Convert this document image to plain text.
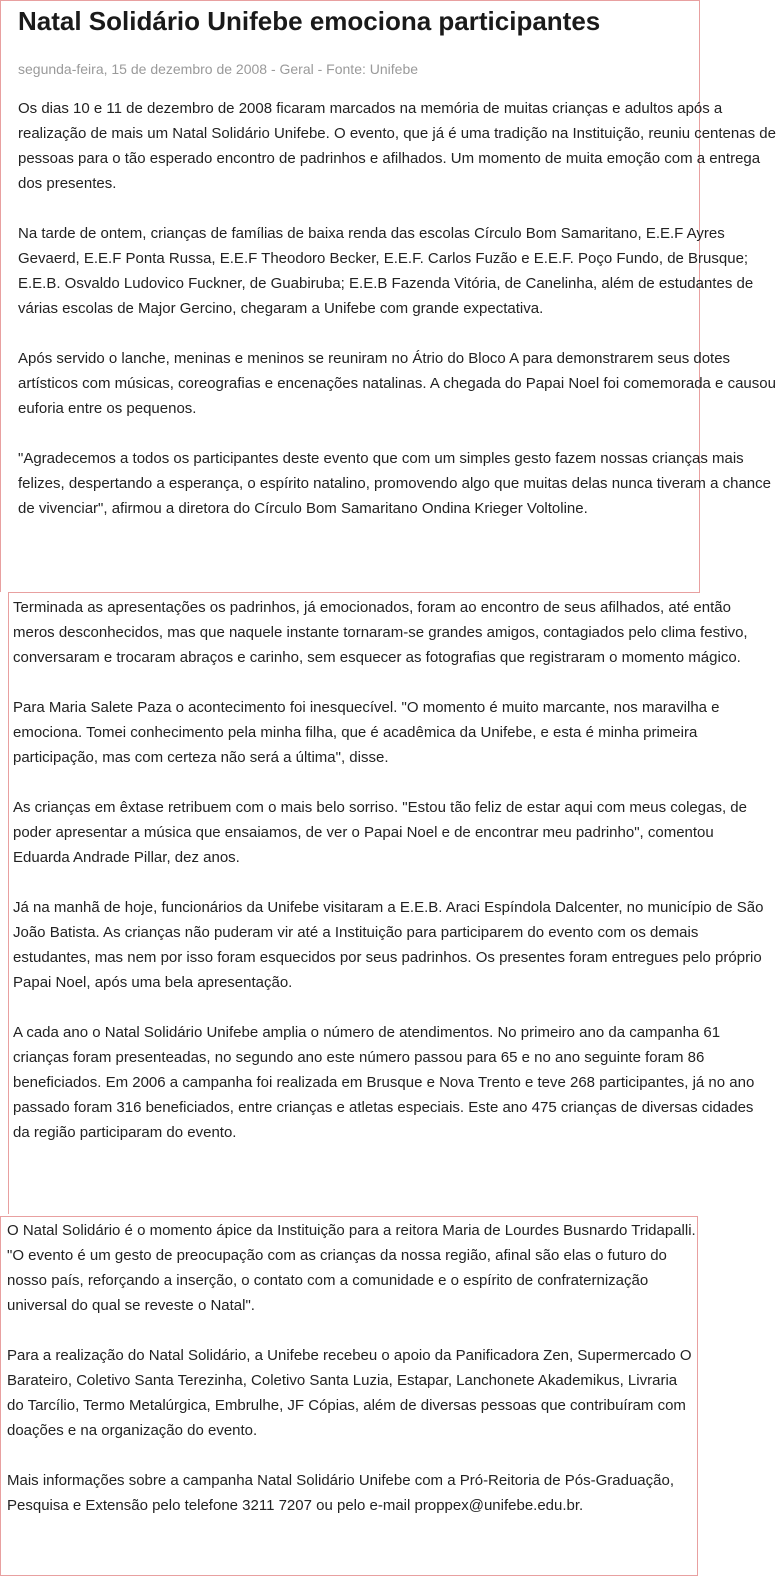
Natal Solidário Unifebe emociona participantes
segunda-feira, 15 de dezembro de 2008 - Geral - Fonte: Unifebe

Os dias 10 e 11 de dezembro de 2008 ficaram marcados na memória de muitas crianças e adultos após a realização de mais um Natal Solidário Unifebe. O evento, que já é uma tradição na Instituição, reuniu centenas de pessoas para o tão esperado encontro de padrinhos e afilhados. Um momento de muita emoção com a entrega dos presentes.

Na tarde de ontem, crianças de famílias de baixa renda das escolas Círculo Bom Samaritano, E.E.F Ayres Gevaerd, E.E.F Ponta Russa, E.E.F Theodoro Becker, E.E.F. Carlos Fuzão e E.E.F. Poço Fundo, de Brusque; E.E.B. Osvaldo Ludovico Fuckner, de Guabiruba; E.E.B Fazenda Vitória, de Canelinha, além de estudantes de várias escolas de Major Gercino, chegaram a Unifebe com grande expectativa.

Após servido o lanche, meninas e meninos se reuniram no Átrio do Bloco A para demonstrarem seus dotes artísticos com músicas, coreografias e encenações natalinas. A chegada do Papai Noel foi comemorada e causou euforia entre os pequenos.

"Agradecemos a todos os participantes deste evento que com um simples gesto fazem nossas crianças mais felizes, despertando a esperança, o espírito natalino, promovendo algo que muitas delas nunca tiveram a chance de vivenciar", afirmou a diretora do Círculo Bom Samaritano Ondina Krieger Voltoline.

Terminada as apresentações os padrinhos, já emocionados, foram ao encontro de seus afilhados, até então meros desconhecidos, mas que naquele instante tornaram-se grandes amigos, contagiados pelo clima festivo, conversaram e trocaram abraços e carinho, sem esquecer as fotografias que registraram o momento mágico.

Para Maria Salete Paza o acontecimento foi inesquecível. "O momento é muito marcante, nos maravilha e emociona. Tomei conhecimento pela minha filha, que é acadêmica da Unifebe, e esta é minha primeira participação, mas com certeza não será a última", disse.

As crianças em êxtase retribuem com o mais belo sorriso. "Estou tão feliz de estar aqui com meus colegas, de poder apresentar a música que ensaiamos, de ver o Papai Noel e de encontrar meu padrinho", comentou Eduarda Andrade Pillar, dez anos.

Já na manhã de hoje, funcionários da Unifebe visitaram a E.E.B. Araci Espíndola Dalcenter, no município de São João Batista. As crianças não puderam vir até a Instituição para participarem do evento com os demais estudantes, mas nem por isso foram esquecidos por seus padrinhos. Os presentes foram entregues pelo próprio Papai Noel, após uma bela apresentação.

A cada ano o Natal Solidário Unifebe amplia o número de atendimentos. No primeiro ano da campanha 61 crianças foram presenteadas, no segundo ano este número passou para 65 e no ano seguinte foram 86 beneficiados. Em 2006 a campanha foi realizada em Brusque e Nova Trento e teve 268 participantes, já no ano passado foram 316 beneficiados, entre crianças e atletas especiais. Este ano 475 crianças de diversas cidades da região participaram do evento.

O Natal Solidário é o momento ápice da Instituição para a reitora Maria de Lourdes Busnardo Tridapalli. "O evento é um gesto de preocupação com as crianças da nossa região, afinal são elas o futuro do nosso país, reforçando a inserção, o contato com a comunidade e o espírito de confraternização universal do qual se reveste o Natal".

Para a realização do Natal Solidário, a Unifebe recebeu o apoio da Panificadora Zen, Supermercado O Barateiro, Coletivo Santa Terezinha, Coletivo Santa Luzia, Estapar, Lanchonete Akademikus, Livraria do Tarcílio, Termo Metalúrgica, Embrulhe, JF Cópias, além de diversas pessoas que contribuíram com doações e na organização do evento.

Mais informações sobre a campanha Natal Solidário Unifebe com a Pró-Reitoria de Pós-Graduação, Pesquisa e Extensão pelo telefone 3211 7207 ou pelo e-mail proppex@unifebe.edu.br.
